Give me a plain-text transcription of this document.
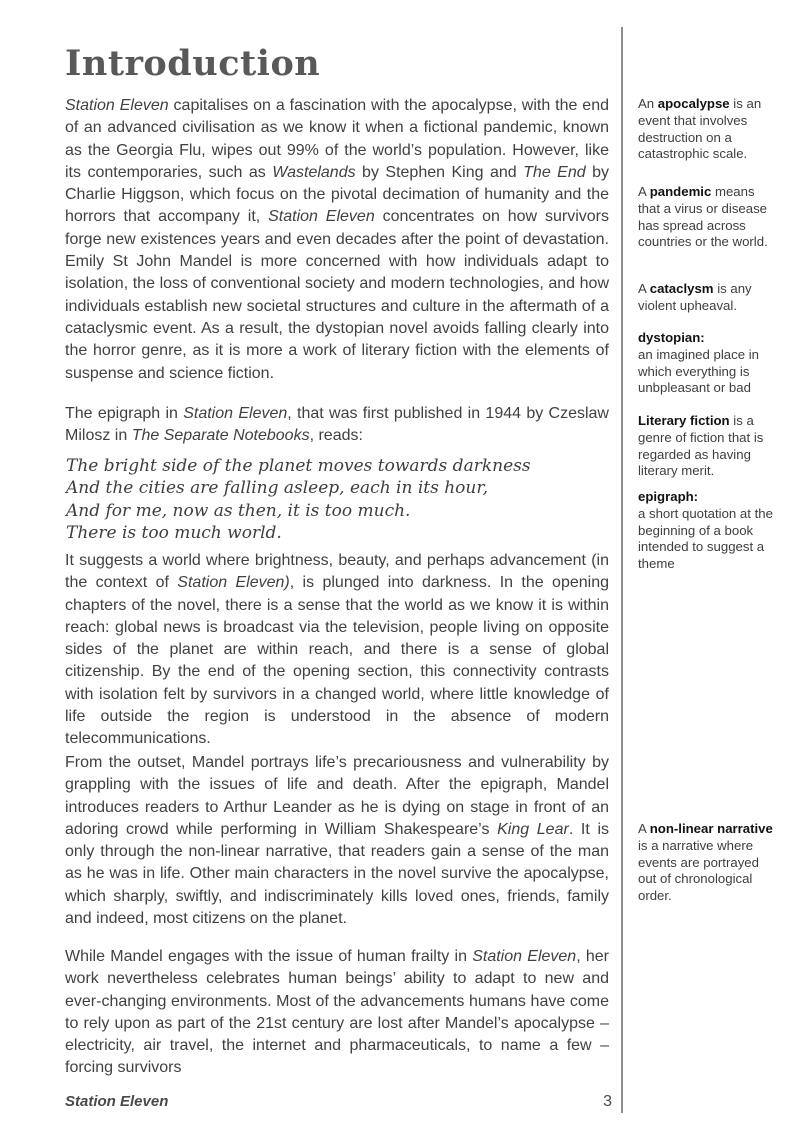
Introduction

Station Eleven capitalises on a fascination with the apocalypse, with the end of an advanced civilisation as we know it when a fictional pandemic, known as the Georgia Flu, wipes out 99% of the world’s population. However, like its contemporaries, such as Wastelands by Stephen King and The End by Charlie Higgson, which focus on the pivotal decimation of humanity and the horrors that accompany it, Station Eleven concentrates on how survivors forge new existences years and even decades after the point of devastation. Emily St John Mandel is more concerned with how individuals adapt to isolation, the loss of conventional society and modern technologies, and how individuals establish new societal structures and culture in the aftermath of a cataclysmic event. As a result, the dystopian novel avoids falling clearly into the horror genre, as it is more a work of literary fiction with the elements of suspense and science fiction.

The epigraph in Station Eleven, that was first published in 1944 by Czeslaw Milosz in The Separate Notebooks, reads:

The bright side of the planet moves towards darkness
And the cities are falling asleep, each in its hour,
And for me, now as then, it is too much.
There is too much world.

It suggests a world where brightness, beauty, and perhaps advancement (in the context of Station Eleven), is plunged into darkness. In the opening chapters of the novel, there is a sense that the world as we know it is within reach: global news is broadcast via the television, people living on opposite sides of the planet are within reach, and there is a sense of global citizenship. By the end of the opening section, this connectivity contrasts with isolation felt by survivors in a changed world, where little knowledge of life outside the region is understood in the absence of modern telecommunications.

From the outset, Mandel portrays life’s precariousness and vulnerability by grappling with the issues of life and death. After the epigraph, Mandel introduces readers to Arthur Leander as he is dying on stage in front of an adoring crowd while performing in William Shakespeare’s King Lear. It is only through the non-linear narrative, that readers gain a sense of the man as he was in life. Other main characters in the novel survive the apocalypse, which sharply, swiftly, and indiscriminately kills loved ones, friends, family and indeed, most citizens on the planet.

While Mandel engages with the issue of human frailty in Station Eleven, her work nevertheless celebrates human beings’ ability to adapt to new and ever-changing environments. Most of the advancements humans have come to rely upon as part of the 21st century are lost after Mandel’s apocalypse – electricity, air travel, the internet and pharmaceuticals, to name a few – forcing survivors

An apocalypse is an event that involves destruction on a catastrophic scale.
A pandemic means that a virus or disease has spread across countries or the world.
A cataclysm is any violent upheaval.
dystopian:
an imagined place in which everything is unbpleasant or bad
Literary fiction is a genre of fiction that is regarded as having literary merit.
epigraph:
a short quotation at the beginning of a book intended to suggest a theme
A non-linear narrative is a narrative where events are portrayed out of chronological order.
Station Eleven	3
